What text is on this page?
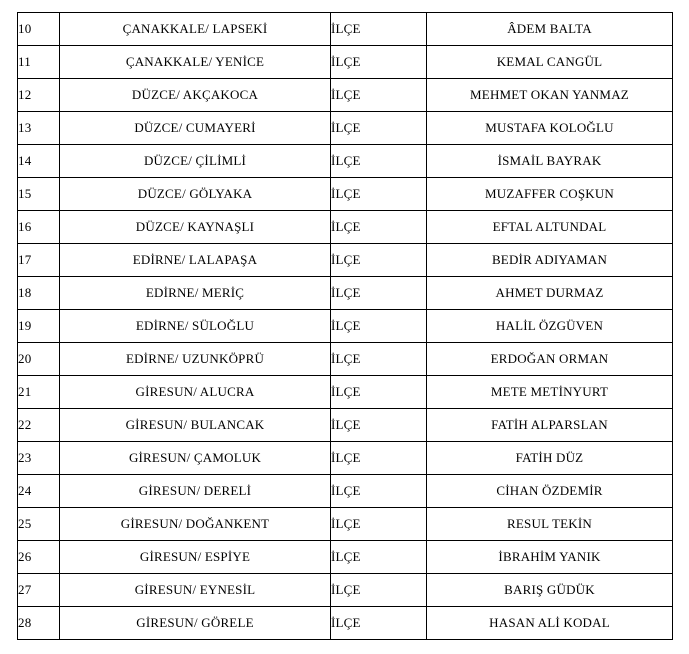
10	ÇANAKKALE/ LAPSEKİ	İLÇE	ÂDEM BALTA
11	ÇANAKKALE/ YENİCE	İLÇE	KEMAL CANGÜL
12	DÜZCE/ AKÇAKOCA	İLÇE	MEHMET OKAN YANMAZ
13	DÜZCE/ CUMAYERİ	İLÇE	MUSTAFA KOLOĞLU
14	DÜZCE/ ÇİLİMLİ	İLÇE	İSMAİL BAYRAK
15	DÜZCE/ GÖLYAKA	İLÇE	MUZAFFER COŞKUN
16	DÜZCE/ KAYNAŞLI	İLÇE	EFTAL ALTUNDAL
17	EDİRNE/ LALAPAŞA	İLÇE	BEDİR ADIYAMAN
18	EDİRNE/ MERİÇ	İLÇE	AHMET DURMAZ
19	EDİRNE/ SÜLOĞLU	İLÇE	HALİL ÖZGÜVEN
20	EDİRNE/ UZUNKÖPRÜ	İLÇE	ERDOĞAN ORMAN
21	GİRESUN/ ALUCRA	İLÇE	METE METİNYURT
22	GİRESUN/ BULANCAK	İLÇE	FATİH ALPARSLAN
23	GİRESUN/ ÇAMOLUK	İLÇE	FATİH DÜZ
24	GİRESUN/ DERELİ	İLÇE	CİHAN ÖZDEMİR
25	GİRESUN/ DOĞANKENT	İLÇE	RESUL TEKİN
26	GİRESUN/ ESPİYE	İLÇE	İBRAHİM YANIK
27	GİRESUN/ EYNESİL	İLÇE	BARIŞ GÜDÜK
28	GİRESUN/ GÖRELE	İLÇE	HASAN ALİ KODAL
